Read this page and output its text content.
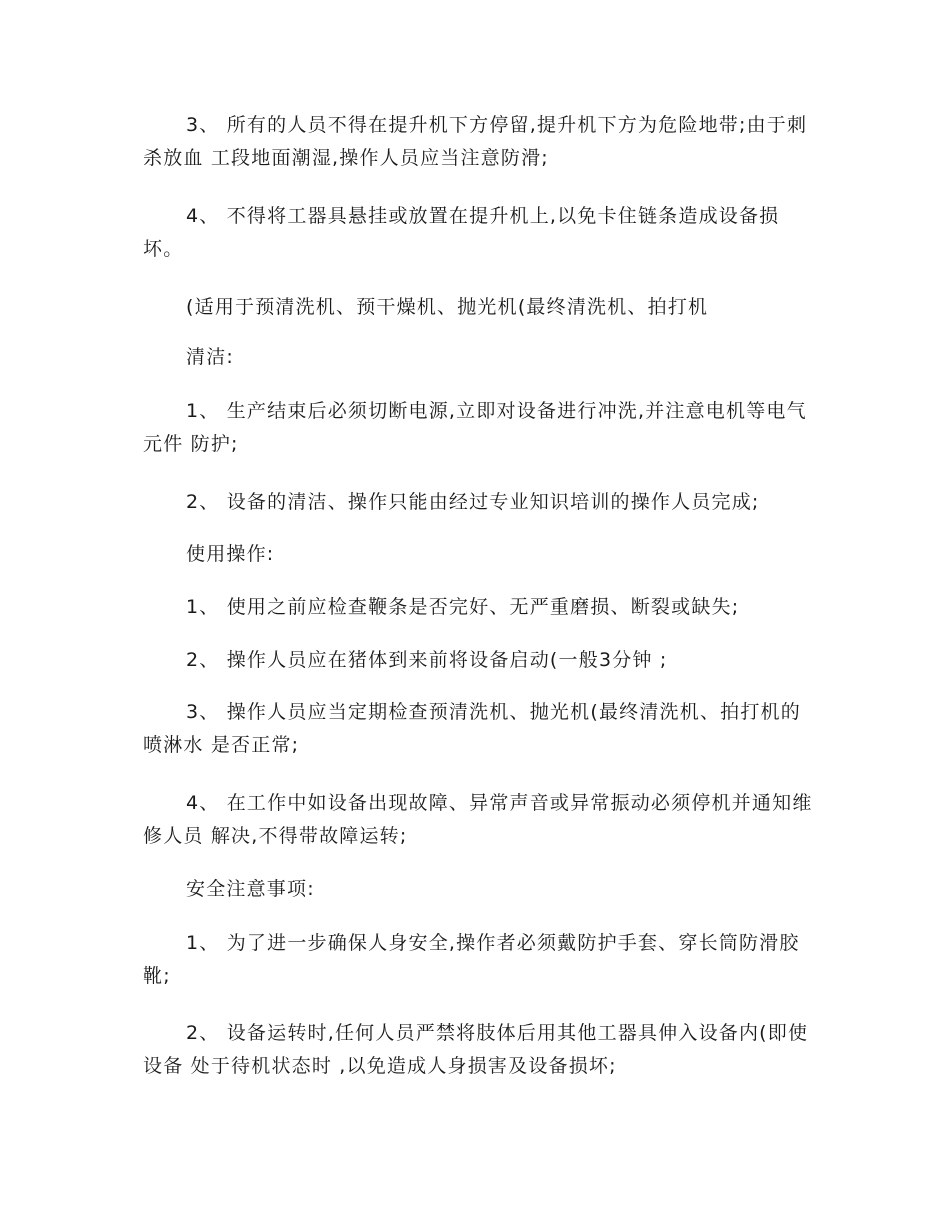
3、 所有的人员不得在提升机下方停留,提升机下方为危险地带;由于刺杀放血 工段地面潮湿,操作人员应当注意防滑;

4、 不得将工器具悬挂或放置在提升机上,以免卡住链条造成设备损坏。

(适用于预清洗机、预干燥机、抛光机(最终清洗机、拍打机

清洁:

1、 生产结束后必须切断电源,立即对设备进行冲洗,并注意电机等电气元件 防护;

2、 设备的清洁、操作只能由经过专业知识培训的操作人员完成;

使用操作:

1、 使用之前应检查鞭条是否完好、无严重磨损、断裂或缺失;

2、 操作人员应在猪体到来前将设备启动(一般3分钟 ;

3、 操作人员应当定期检查预清洗机、抛光机(最终清洗机、拍打机的喷淋水 是否正常;

4、 在工作中如设备出现故障、异常声音或异常振动必须停机并通知维修人员 解决,不得带故障运转;

安全注意事项:

1、 为了进一步确保人身安全,操作者必须戴防护手套、穿长筒防滑胶靴;

2、 设备运转时,任何人员严禁将肢体后用其他工器具伸入设备内(即使设备 处于待机状态时 ,以免造成人身损害及设备损坏;
